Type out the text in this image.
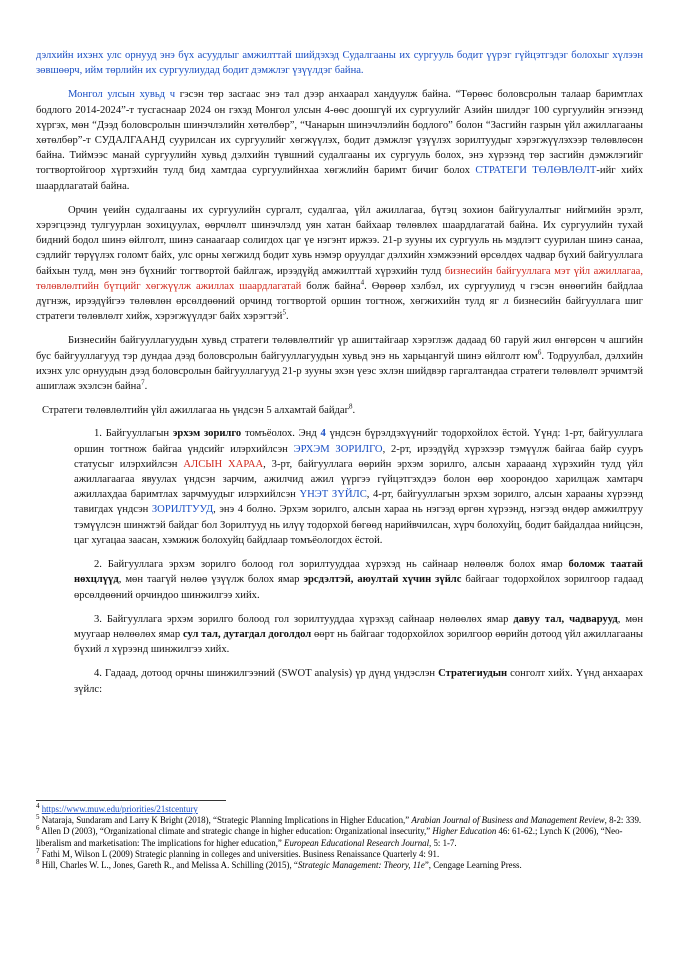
дэлхийн ихэнх улс орнууд энэ бүх асуудлыг амжилттай шийдэхэд Судалгааны их сургууль бодит үүрэг гүйцэтгэдэг болохыг хүлээн зөвшөөрч, ийм төрлийн их сургуулиудад бодит дэмжлэг үзүүлдэг байна.

Монгол улсын хувьд ч гэсэн төр засгаас энэ тал дээр анхаарал хандуулж байна. “Төрөөс боловсролын талаар баримтлах бодлого 2014-2024”-т тусгаснаар 2024 он гэхэд Монгол улсын 4-өөс доошгүй их сургуулийг Азийн шилдэг 100 сургуулийн эгнээнд хүргэх, мөн “Дээд боловсролын шинэчлэлийн хөтөлбөр”, “Чанарын шинэчлэлийн бодлого” болон “Засгийн газрын үйл ажиллагааны хөтөлбөр”-т СУДАЛГААНД суурилсан их сургуулийг хөгжүүлэх, бодит дэмжлэг үзүүлэх зорилтуудыг хэрэгжүүлэхээр төлөвлөсөн байна. Тиймээс манай сургуулийн хувьд дэлхийн түвшний судалгааны их сургууль болох, энэ хүрээнд төр засгийн дэмжлэгийг тогтвортойгоор хүртэхийн тулд бид хамтдаа сургуулийнхаа хөгжлийн баримт бичиг болох СТРАТЕГИ ТӨЛӨВЛӨЛТ-ийг хийх шаардлагатай байна.

Орчин үеийн судалгааны их сургуулийн сургалт, судалгаа, үйл ажиллагаа, бүтэц зохион байгуулалтыг нийгмийн эрэлт, хэрэгцээнд тулгуурлан зохицуулах, өөрчлөлт шинэчлэлд уян хатан байхаар төлөвлөх шаардлагатай байна. Их сургуулийн тухай бидний бодол шинэ өйлголт, шинэ санаагаар солигдох цаг үе нэгэнт иржээ. 21-р зууны их сургууль нь мэдлэгт суурилан шинэ санаа, сэдлийг төрүүлэх голомт байх, улс орны хөгжилд бодит хувь нэмэр оруулдаг дэлхийн хэмжээний өрсөлдөх чадвар бүхий байгууллага байхын тулд, мөн энэ бүхнийг тогтвортой байлгаж, ирээдүйд амжилттай хүрэхийн тулд бизнесийн байгууллага мэт үйл ажиллагаа, төлөвлөлтийн бүтцийг хөгжүүлж ажиллах шаардлагатай болж байна$^4$. Өөрөөр хэлбэл, их сургуулиуд ч гэсэн өнөөгийн байдлаа дүгнэж, ирээдүйгээ төлөвлөн өрсөлдөөний орчинд тогтвортой оршин тогтнож, хөгжихийн тулд яг л бизнесийн байгууллага шиг стратеги төлөвлөлт хийж, хэрэгжүүлдэг байх хэрэгтэй$^5$.

Бизнесийн байгууллагуудын хувьд стратеги төлөвлөлтийг үр ашигтайгаар хэрэглэж дадаад 60 гаруй жил өнгөрсөн ч ашгийн бус байгууллагууд тэр дундаа дээд боловсролын байгууллагуудын хувьд энэ нь харьцангуй шинэ өйлголт $юм^6$. Тодруулбал, дэлхийн ихэнх улс орнуудын дээд боловсролын байгууллагууд 21-р зууны эхэн үеэс эхлэн шийдвэр гаргалтандаа стратеги төлөвлөлт эрчимтэй ашиглаж эхэлсэн байна$^7$.

Стратеги төлөвлөлтийн үйл ажиллагаа нь үндсэн 5 алхамтай байдаг$^8$.

1. Байгууллагын эрхэм зорилго томъёолох. Энд 4 үндсэн бүрэлдэхүүнийг тодорхойлох ёстой. Үүнд: 1-рт, байгууллага оршин тогтнож байгаа үндсийг илэрхийлсэн ЭРХЭМ ЗОРИЛГО, 2-рт, ирээдүйд хүрэхээр тэмүүлж байгаа байр сууръ статусыг илэрхийлсэн АЛСЫН ХАРАА, 3-рт, байгууллага өөрийн эрхэм зорилго, алсын харааанд хүрэхийн тулд үйл ажиллагаагаа явуулах үндсэн зарчим, ажилчид ажил үүргээ гүйцэтгэхдээ болон өөр хоорондоо харилцаж хамтарч ажиллахдаа баримтлах зарчмуудыг илэрхийлсэн ҮНЭТ ЗҮЙЛС, 4-рт, байгууллагын эрхэм зорилго, алсын харааны хүрээнд тавигдах үндсэн ЗОРИЛТУУД, энэ 4 болно. Эрхэм зорилго, алсын хараа нь нэгээд өргөн хүрээнд, нэгээд өндөр амжилтруу тэмүүлсэн шинжтэй байдаг бол Зорилтууд нь илүү тодорхой бөгөөд нарийвчилсан, хүрч болохуйц, бодит байдалдаа нийцсэн, цаг хугацаа заасан, хэмжиж болохуйц байдлаар томъёологдох ёстой.

2. Байгууллага эрхэм зорилго болоод гол зорилтууддаа хүрэхэд нь сайнаар нөлөөлж болох ямар боломж таатай нөхцлүүд, мөн таагүй нөлөө үзүүлж болох ямар эрсдэлтэй, аюултай хүчин зүйлс байгааг тодорхойлох зорилгоор гадаад өрсөлдөөний орчиндоо шинжилгээ хийх.

3. Байгууллага эрхэм зорилго болоод гол зорилтууддаа хүрэхэд сайнаар нөлөөлөх ямар давуу тал, чадварууд, мөн муугаар нөлөөлөх ямар сул тал, дутагдал доголдол өөрт нь байгааг тодорхойлох зорилгоор өөрийн дотоод үйл ажиллагааны бүхий л хүрээнд шинжилгээ хийх.

4. Гадаад, дотоод орчны шинжилгээний (SWOT analysis) үр дүнд үндэслэн Стратегиудын сонголт хийх. Үүнд анхаарах зүйлс:

$^4$ https://www.muw.edu/priorities/21stcentury

$^5$ Nataraja, Sundaram and Larry K Bright (2018), “Strategic Planning Implications in Higher Education,” Arabian Journal of Business and Management Review, 8-2: 339.

$^6$ Allen D (2003), “Organizational climate and strategic change in higher education: Organizational insecurity,” Higher Education 46: 61-62.; Lynch K (2006), “Neo-liberalism and marketisation: The implications for higher education,” European Educational Research Journal, 5: 1-7.

$^7$ Fathi M, Wilson L (2009) Strategic planning in colleges and universities. Business Renaissance Quarterly 4: 91.

$^8$ Hill, Charles W. L., Jones, Gareth R., and Melissa A. Schilling (2015), “Strategic Management: Theory, 11e”, Cengage Learning Press.
